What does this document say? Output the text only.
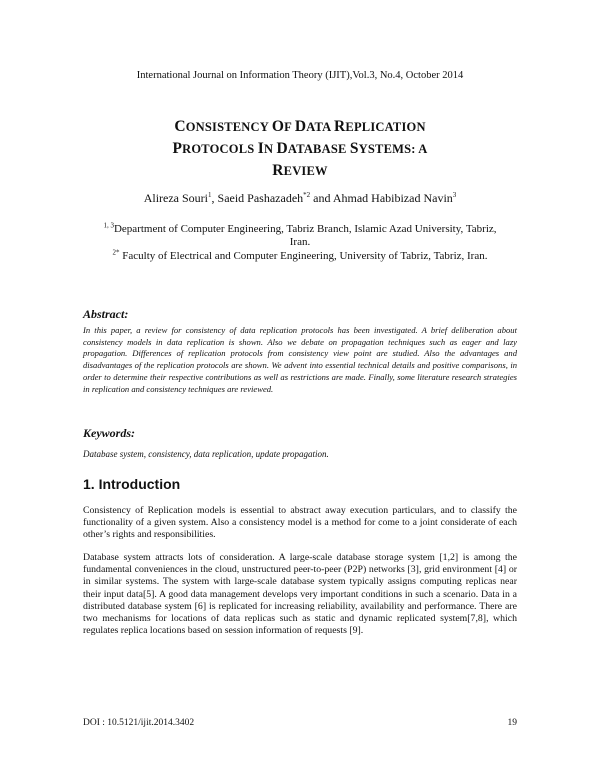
International Journal on Information Theory (IJIT),Vol.3, No.4, October 2014
CONSISTENCY OF DATA REPLICATION
PROTOCOLS IN DATABASE SYSTEMS: A
REVIEW
Alireza Souri$^1$, Saeid Pashazadeh$^{*2}$ and Ahmad Habibizad Navin$^3$
$^{1, 3}$Department of Computer Engineering, Tabriz Branch, Islamic Azad University, Tabriz, Iran.
$^{2*}$ Faculty of Electrical and Computer Engineering, University of Tabriz, Tabriz, Iran.
Abstract:
In this paper, a review for consistency of data replication protocols has been investigated. A brief deliberation about consistency models in data replication is shown. Also we debate on propagation techniques such as eager and lazy propagation. Differences of replication protocols from consistency view point are studied. Also the advantages and disadvantages of the replication protocols are shown. We advent into essential technical details and positive comparisons, in order to determine their respective contributions as well as restrictions are made. Finally, some literature research strategies in replication and consistency techniques are reviewed.
Keywords:
Database system, consistency, data replication, update propagation.
1. Introduction
Consistency of Replication models is essential to abstract away execution particulars, and to classify the functionality of a given system. Also a consistency model is a method for come to a joint considerate of each other’s rights and responsibilities.
Database system attracts lots of consideration. A large-scale database storage system [1,2] is among the fundamental conveniences in the cloud, unstructured peer-to-peer (P2P) networks [3], grid environment [4] or in similar systems. The system with large-scale database system typically assigns computing replicas near their input data[5]. A good data management develops very important conditions in such a scenario. Data in a distributed database system [6] is replicated for increasing reliability, availability and performance. There are two mechanisms for locations of data replicas such as static and dynamic replicated system[7,8], which regulates replica locations based on session information of requests [9].
DOI : 10.5121/ijit.2014.3402	19
